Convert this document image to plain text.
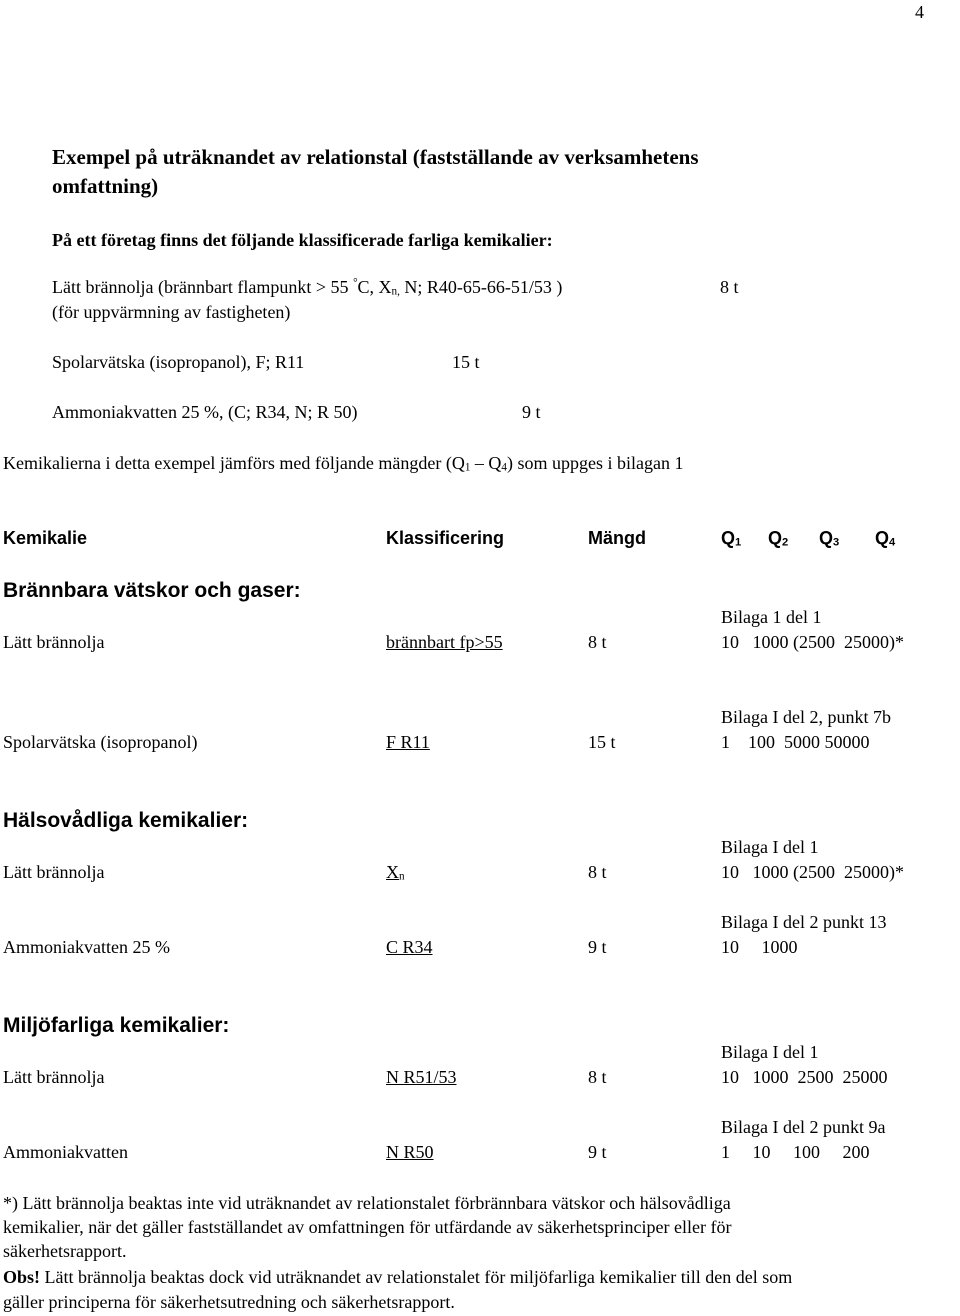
4
Exempel på uträknandet av relationstal (fastställande av verksamhetens
omfattning)
På ett företag finns det följande klassificerade farliga kemikalier:
Lätt brännolja (brännbart flampunkt > 55 °C, $X_{n,}$ N; R40-65-66-51/53 )	8 t
(för uppvärmning av fastigheten)
Spolarvätska (isopropanol), F; R11	15 t
Ammoniakvatten 25 %, (C; R34, N; R 50)	9 t
Kemikalierna i detta exempel jämförs med följande mängder $(Q_1 - Q_4)$ som uppges i bilagan 1
Kemikalie	Klassificering	Mängd	$Q_1$ $Q_2$ $Q_3$ $Q_4$
Brännbara vätskor och gaser:
Bilaga 1 del 1
Lätt brännolja	brännbart fp>55	8 t	10   1000 (2500  25000)*
Bilaga I del 2, punkt 7b
Spolarvätska (isopropanol)	F R11	15 t	1    100  5000 50000
Hälsovådliga kemikalier:
Bilaga I del 1
Lätt brännolja	$X_n$	8 t	10   1000 (2500  25000)*
Bilaga I del 2 punkt 13
Ammoniakvatten 25 %	C R34	9 t	10     1000
Miljöfarliga kemikalier:
Bilaga I del 1
Lätt brännolja	N R51/53	8 t	10   1000  2500  25000
Bilaga I del 2 punkt 9a
Ammoniakvatten	N R50	9 t	1     10     100     200
*) Lätt brännolja beaktas inte vid uträknandet av relationstalet förbrännbara vätskor och hälsovådliga
kemikalier, när det gäller fastställandet av omfattningen för utfärdande av säkerhetsprinciper eller för
säkerhetsrapport.
Obs! Lätt brännolja beaktas dock vid uträknandet av relationstalet för miljöfarliga kemikalier till den del som
gäller principerna för säkerhetsutredning och säkerhetsrapport.
